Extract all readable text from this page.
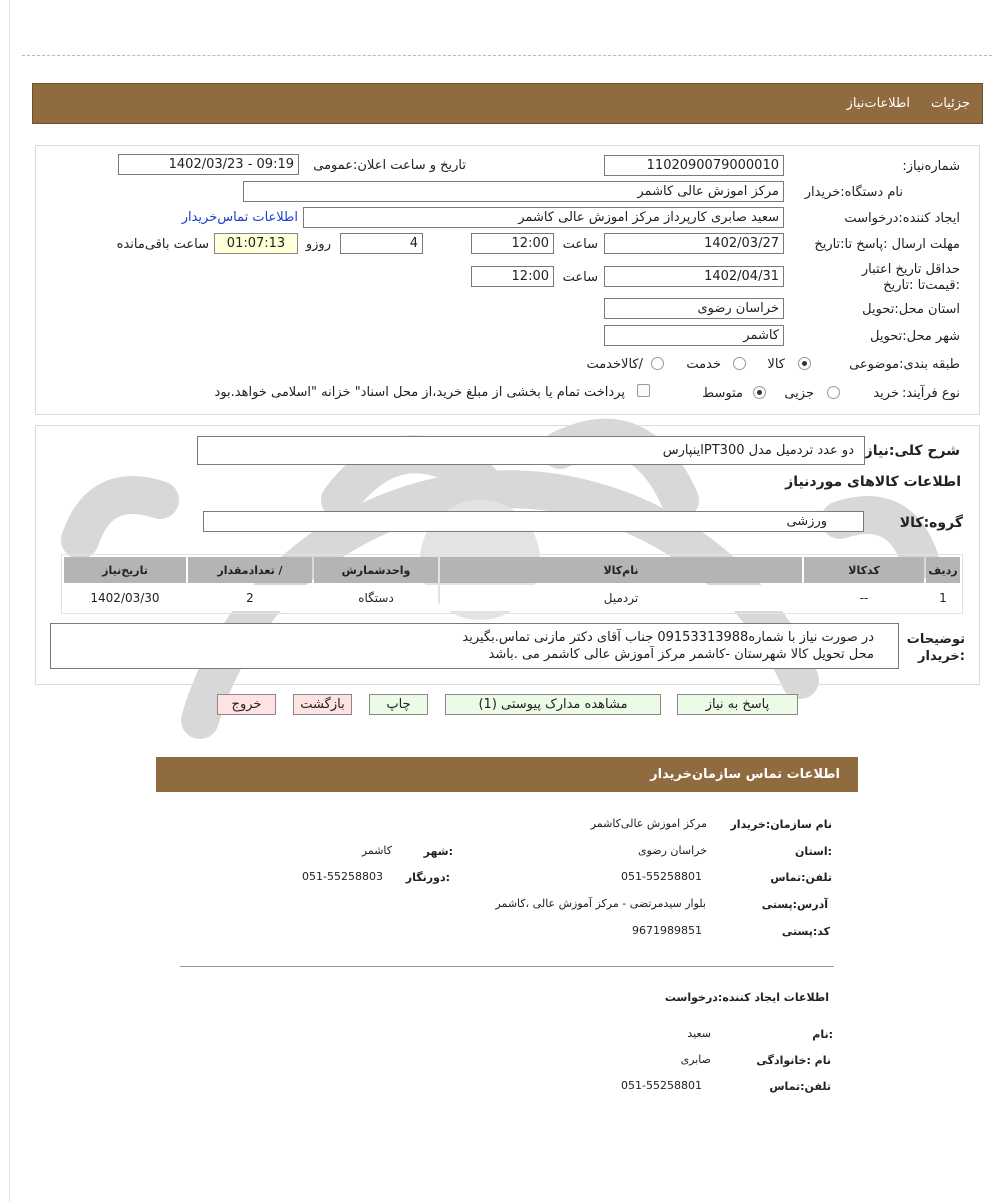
جزئیات
اطلاعات‌نیاز
شماره‌نیاز:
1102090079000010
تاریخ و ساعت اعلان:عمومی
1402/03/23 - 09:19
نام دستگاه:خریدار
مرکز اموزش عالی کاشمر
ایجاد کننده:درخواست
سعید صابری کارپرداز مرکز اموزش عالی کاشمر
اطلاعات تماس‌خریدار
مهلت ارسال :پاسخ تا:تاریخ
1402/03/27
ساعت
12:00
4
روزو
01:07:13
ساعت باقی‌مانده
حداقل تاریخ اعتبار :قیمت‌تا :تاریخ
1402/04/31
ساعت
12:00
استان محل:تحویل
خراسان رضوی
شهر محل:تحویل
کاشمر
طبقه بندی:موضوعی
کالا
خدمت
/کالاخدمت
نوع فرآیند:
خرید
جزیی
متوسط
پرداخت تمام یا بخشی از مبلغ خرید،از محل اسناد" خزانه "اسلامی خواهد.بود
شرح کلی:نیاز
دو عدد تردمیل مدل PT300اینپارس
اطلاعات کالاهای موردنیاز
گروه:کالا
ورزشی
ردیف	کدکالا	نام‌کالا	واحدشمارش	/ تعدادمقدار	تاریخ‌نیاز
1	--	تردمیل	دستگاه	2	1402/03/30
توضیحات :خریدار
در صورت نیاز با شماره09153313988 جناب آقای دکتر مازنی تماس.بگیرید
محل تحویل کالا شهرستان -کاشمر مرکز آموزش عالی کاشمر می .باشد
پاسخ به نیاز
مشاهده مدارک پیوستی (1)
چاپ
بازگشت
خروج
اطلاعات تماس سازمان‌خریدار
نام سازمان:خریدار
مرکز اموزش عالی‌کاشمر
:استان
خراسان رضوی
:شهر
کاشمر
تلفن:تماس
051-55258801
:دورنگار
051-55258803
آدرس:پستی
بلوار سید‌مرتضی - مرکز آموزش عالی ،کاشمر
کد:پستی
9671989851
اطلاعات ایجاد کننده:درخواست
:نام
سعید
نام :خانوادگی
صابری
تلفن:تماس
051-55258801
